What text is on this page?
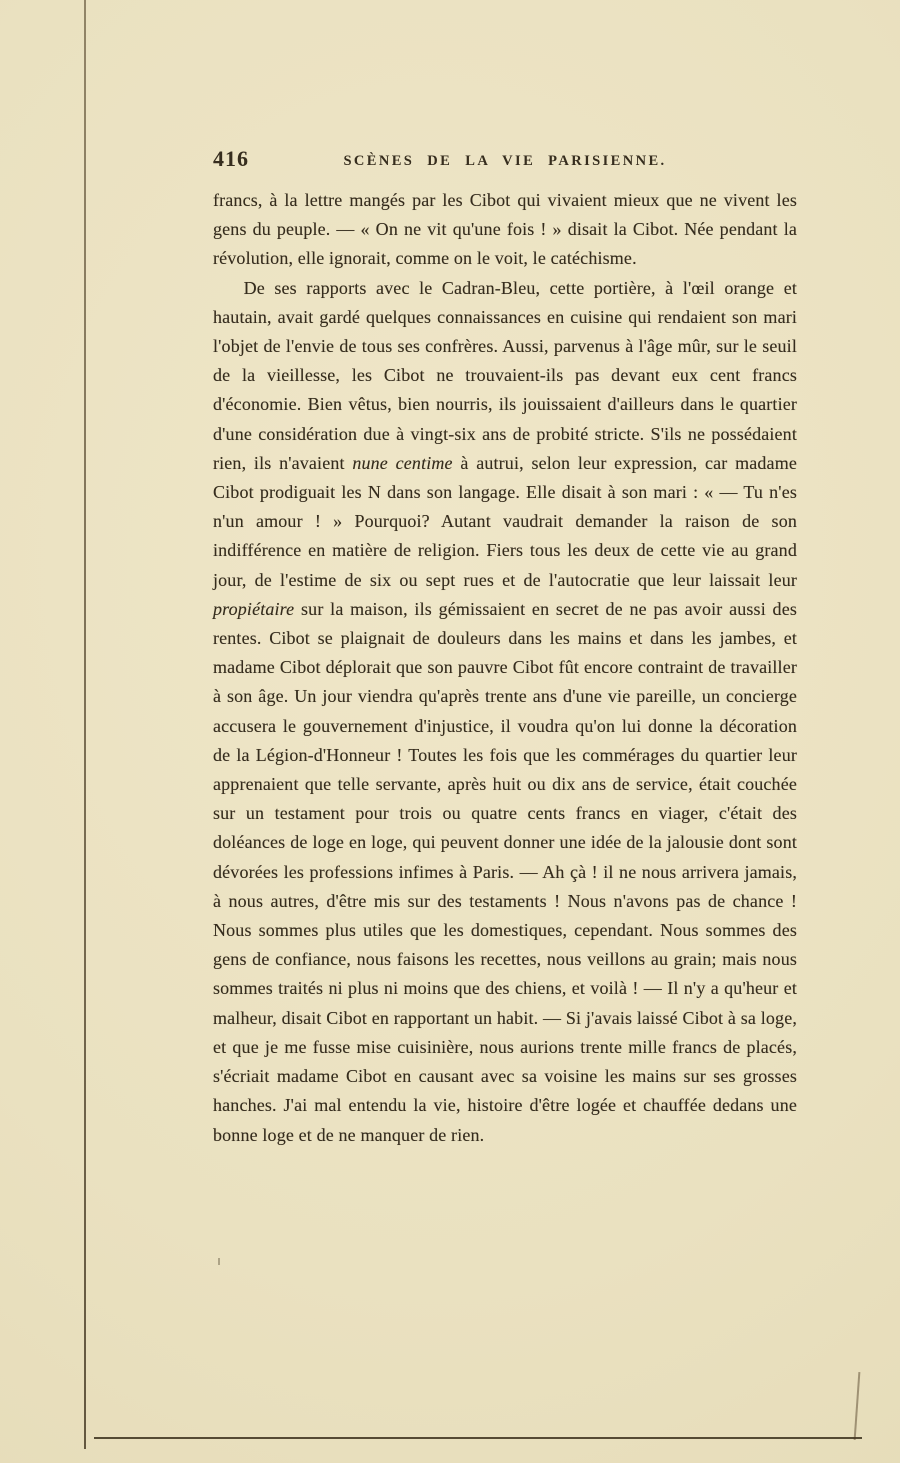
416	SCÈNES DE LA VIE PARISIENNE.

francs, à la lettre mangés par les Cibot qui vivaient mieux que ne vivent les gens du peuple. — « On ne vit qu'une fois ! » disait la Cibot. Née pendant la révolution, elle ignorait, comme on le voit, le catéchisme.

De ses rapports avec le Cadran-Bleu, cette portière, à l'œil orange et hautain, avait gardé quelques connaissances en cuisine qui rendaient son mari l'objet de l'envie de tous ses confrères. Aussi, parvenus à l'âge mûr, sur le seuil de la vieillesse, les Cibot ne trouvaient-ils pas devant eux cent francs d'économie. Bien vêtus, bien nourris, ils jouissaient d'ailleurs dans le quartier d'une considération due à vingt-six ans de probité stricte. S'ils ne possédaient rien, ils n'avaient nune centime à autrui, selon leur expression, car madame Cibot prodiguait les N dans son langage. Elle disait à son mari : « — Tu n'es n'un amour ! » Pourquoi? Autant vaudrait demander la raison de son indifférence en matière de religion. Fiers tous les deux de cette vie au grand jour, de l'estime de six ou sept rues et de l'autocratie que leur laissait leur propiétaire sur la maison, ils gémissaient en secret de ne pas avoir aussi des rentes. Cibot se plaignait de douleurs dans les mains et dans les jambes, et madame Cibot déplorait que son pauvre Cibot fût encore contraint de travailler à son âge. Un jour viendra qu'après trente ans d'une vie pareille, un concierge accusera le gouvernement d'injustice, il voudra qu'on lui donne la décoration de la Légion-d'Honneur ! Toutes les fois que les commérages du quartier leur apprenaient que telle servante, après huit ou dix ans de service, était couchée sur un testament pour trois ou quatre cents francs en viager, c'était des doléances de loge en loge, qui peuvent donner une idée de la jalousie dont sont dévorées les professions infimes à Paris. — Ah çà ! il ne nous arrivera jamais, à nous autres, d'être mis sur des testaments ! Nous n'avons pas de chance ! Nous sommes plus utiles que les domestiques, cependant. Nous sommes des gens de confiance, nous faisons les recettes, nous veillons au grain; mais nous sommes traités ni plus ni moins que des chiens, et voilà ! — Il n'y a qu'heur et malheur, disait Cibot en rapportant un habit. — Si j'avais laissé Cibot à sa loge, et que je me fusse mise cuisinière, nous aurions trente mille francs de placés, s'écriait madame Cibot en causant avec sa voisine les mains sur ses grosses hanches. J'ai mal entendu la vie, histoire d'être logée et chauffée dedans une bonne loge et de ne manquer de rien.
